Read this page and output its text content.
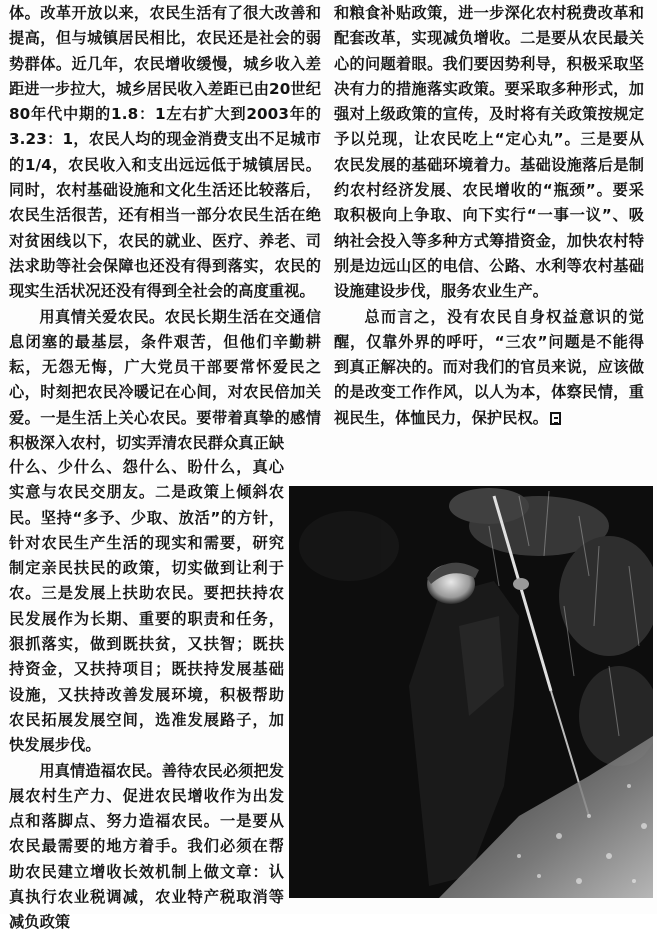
体。改革开放以来，农民生活有了很大改善和提高，但与城镇居民相比，农民还是社会的弱势群体。近几年，农民增收缓慢，城乡收入差距进一步拉大，城乡居民收入差距已由20世纪80年代中期的1.8：1左右扩大到2003年的3.23：1，农民人均的现金消费支出不足城市的1/4，农民收入和支出远远低于城镇居民。同时，农村基础设施和文化生活还比较落后，农民生活很苦，还有相当一部分农民生活在绝对贫困线以下，农民的就业、医疗、养老、司法求助等社会保障也还没有得到落实，农民的现实生活状况还没有得到全社会的高度重视。

用真情关爱农民。农民长期生活在交通信息闭塞的最基层，条件艰苦，但他们辛勤耕耘，无怨无悔，广大党员干部要常怀爱民之心，时刻把农民冷暖记在心间，对农民倍加关爱。一是生活上关心农民。要带着真挚的感情积极深入农村，切实弄清农民群众真正缺

什么、少什么、怨什么、盼什么，真心实意与农民交朋友。二是政策上倾斜农民。坚持“多予、少取、放活”的方针，针对农民生产生活的现实和需要，研究制定亲民扶民的政策，切实做到让利于农。三是发展上扶助农民。要把扶持农民发展作为长期、重要的职责和任务，狠抓落实，做到既扶贫，又扶智；既扶持资金，又扶持项目；既扶持发展基础设施，又扶持改善发展环境，积极帮助农民拓展发展空间，选准发展路子，加快发展步伐。

用真情造福农民。善待农民必须把发展农村生产力、促进农民增收作为出发点和落脚点、努力造福农民。一是要从农民最需要的地方着手。我们必须在帮助农民建立增收长效机制上做文章：认真执行农业税调减，农业特产税取消等减负政策

和粮食补贴政策，进一步深化农村税费改革和配套改革，实现减负增收。二是要从农民最关心的问题着眼。我们要因势利导，积极采取坚决有力的措施落实政策。要采取多种形式，加强对上级政策的宣传，及时将有关政策按规定予以兑现，让农民吃上“定心丸”。三是要从农民发展的基础环境着力。基础设施落后是制约农村经济发展、农民增收的“瓶颈”。要采取积极向上争取、向下实行“一事一议”、吸纳社会投入等多种方式筹措资金，加快农村特别是边远山区的电信、公路、水利等农村基础设施建设步伐，服务农业生产。

总而言之，没有农民自身权益意识的觉醒，仅靠外界的呼吁，“三农”问题是不能得到真正解决的。而对我们的官员来说，应该做的是改变工作作风，以人为本，体察民情，重视民生，体恤民力，保护民权。
